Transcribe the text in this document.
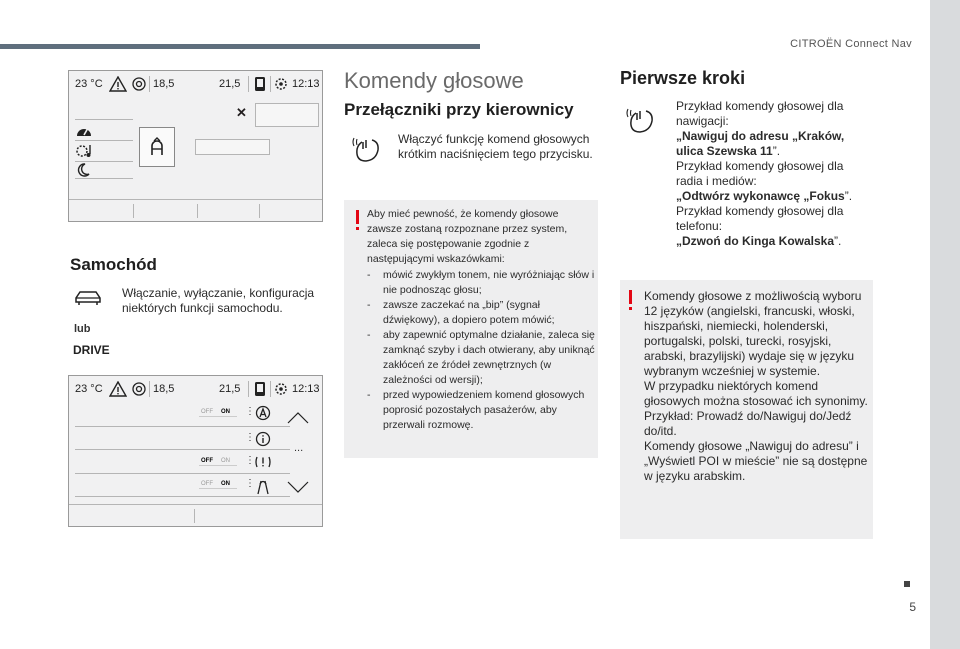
CITROËN Connect Nav
5
23 °C	18,5	21,5	12:13
✕
Samochód
Włączanie, wyłączanie, konfiguracja niektórych funkcji samochodu.
lub
DRIVE
23 °C	18,5	21,5	12:13
OFF ON ⋮
⋮
OFF ON ⋮
OFF ON ⋮
...
Komendy głosowe
Przełączniki przy kierownicy
Włączyć funkcję komend głosowych krótkim naciśnięciem tego przycisku.
Aby mieć pewność, że komendy głosowe zawsze zostaną rozpoznane przez system, zaleca się postępowanie zgodnie z następującymi wskazówkami:
- mówić zwykłym tonem, nie wyróżniając słów i nie podnosząc głosu;
- zawsze zaczekać na „bip” (sygnał dźwiękowy), a dopiero potem mówić;
- aby zapewnić optymalne działanie, zaleca się zamknąć szyby i dach otwierany, aby uniknąć zakłóceń ze źródeł zewnętrznych (w zależności od wersji);
- przed wypowiedzeniem komend głosowych poprosić pozostałych pasażerów, aby przerwali rozmowę.
Pierwsze kroki
Przykład komendy głosowej dla nawigacji:
„Nawiguj do adresu „Kraków, ulica Szewska 11”.
Przykład komendy głosowej dla radia i mediów:
„Odtwórz wykonawcę „Fokus”.
Przykład komendy głosowej dla telefonu:
„Dzwoń do Kinga Kowalska”.
Komendy głosowe z możliwością wyboru 12 języków (angielski, francuski, włoski, hiszpański, niemiecki, holenderski, portugalski, polski, turecki, rosyjski, arabski, brazylijski) wydaje się w języku wybranym wcześniej w systemie.
W przypadku niektórych komend głosowych można stosować ich synonimy.
Przykład: Prowadź do/Nawiguj do/Jedź do/itd.
Komendy głosowe „Nawiguj do adresu” i „Wyświetl POI w mieście” nie są dostępne w języku arabskim.
